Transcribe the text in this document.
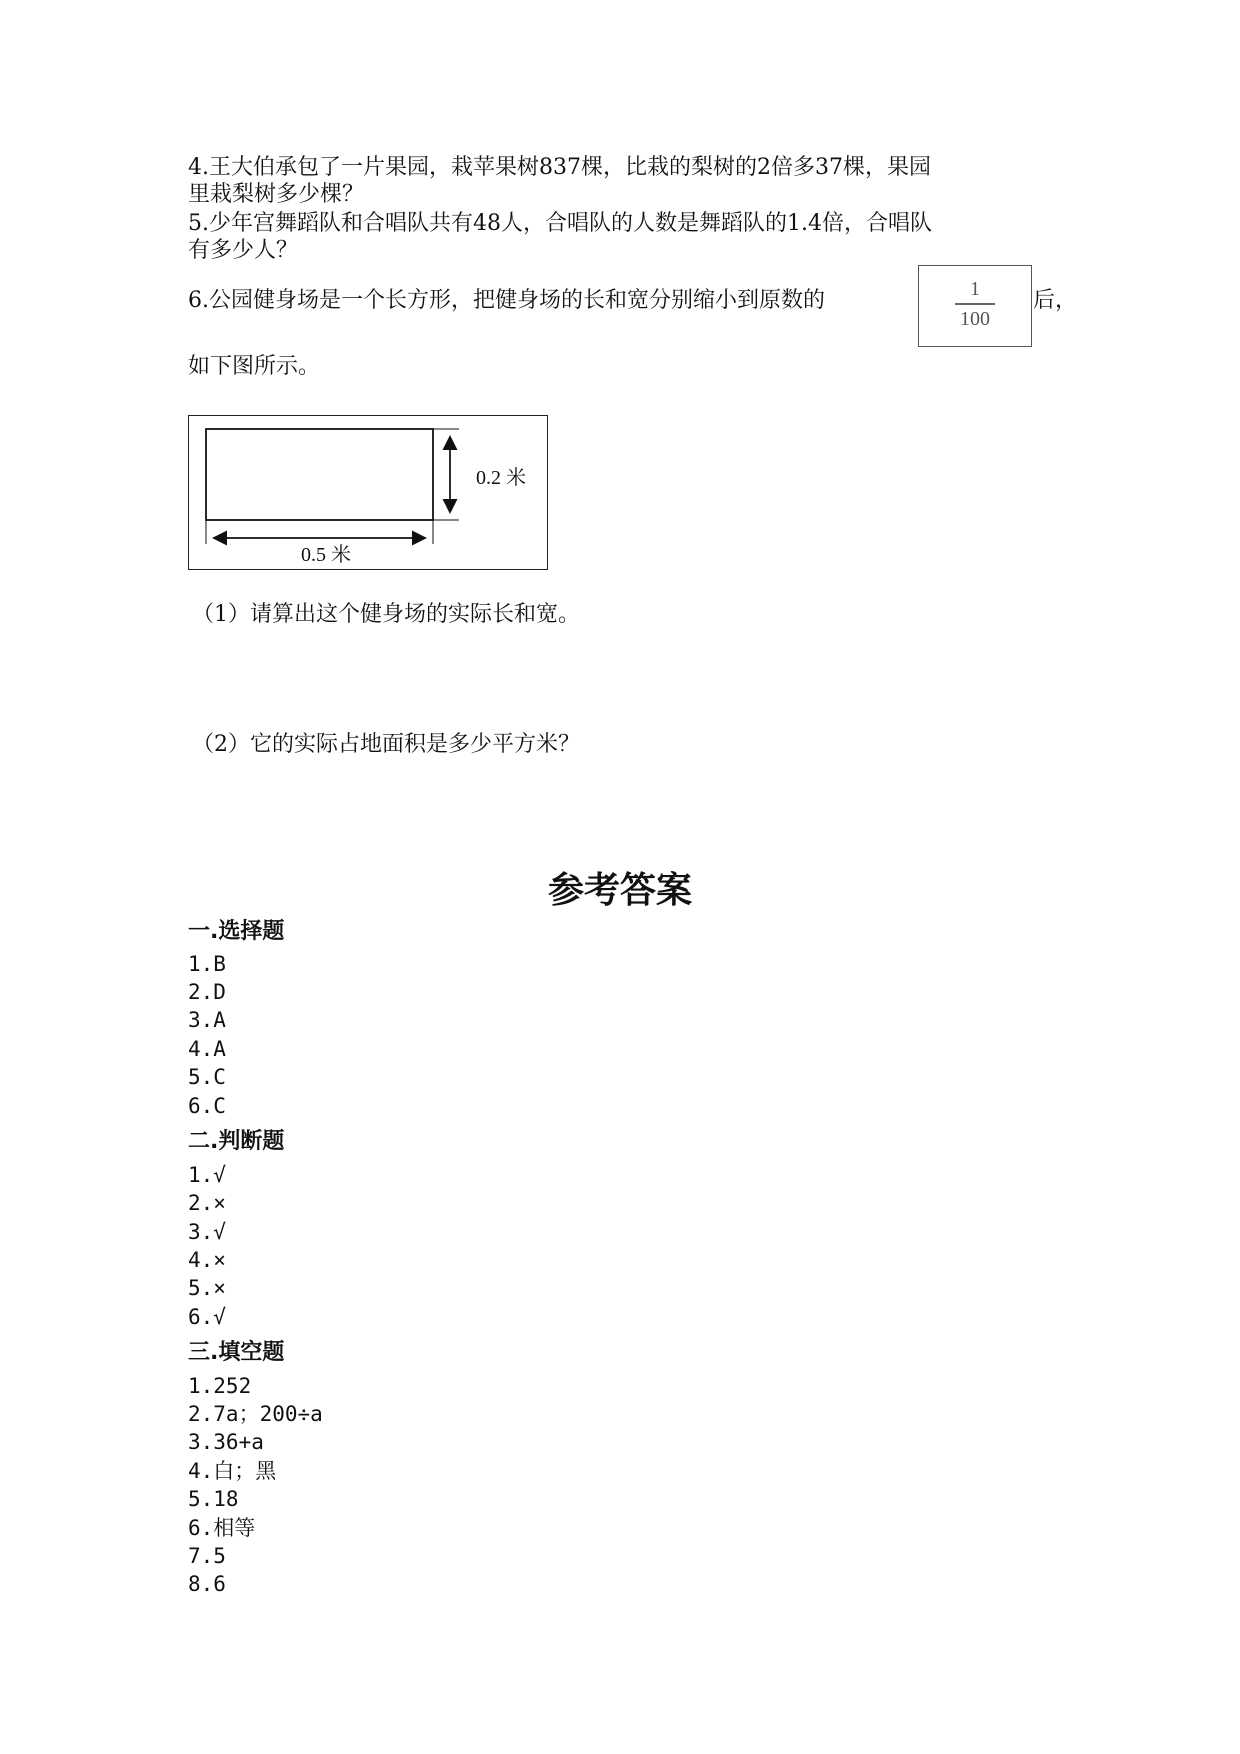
4.王大伯承包了一片果园，栽苹果树837棵，比栽的梨树的2倍多37棵，果园
里栽梨树多少棵？
5.少年宫舞蹈队和合唱队共有48人，合唱队的人数是舞蹈队的1.4倍，合唱队
有多少人？
6.公园健身场是一个长方形，把健身场的长和宽分别缩小到原数的	1
100
后，
如下图所示。
0.5 米
0.2 米
（1）请算出这个健身场的实际长和宽。
（2）它的实际占地面积是多少平方米？
参考答案
一.选择题
1.B
2.D
3.A
4.A
5.C
6.C
二.判断题
1.√
2.×
3.√
4.×
5.×
6.√
三.填空题
1.252
2.7a；200÷a
3.36+a
4.白；黑
5.18
6.相等
7.5
8.6
